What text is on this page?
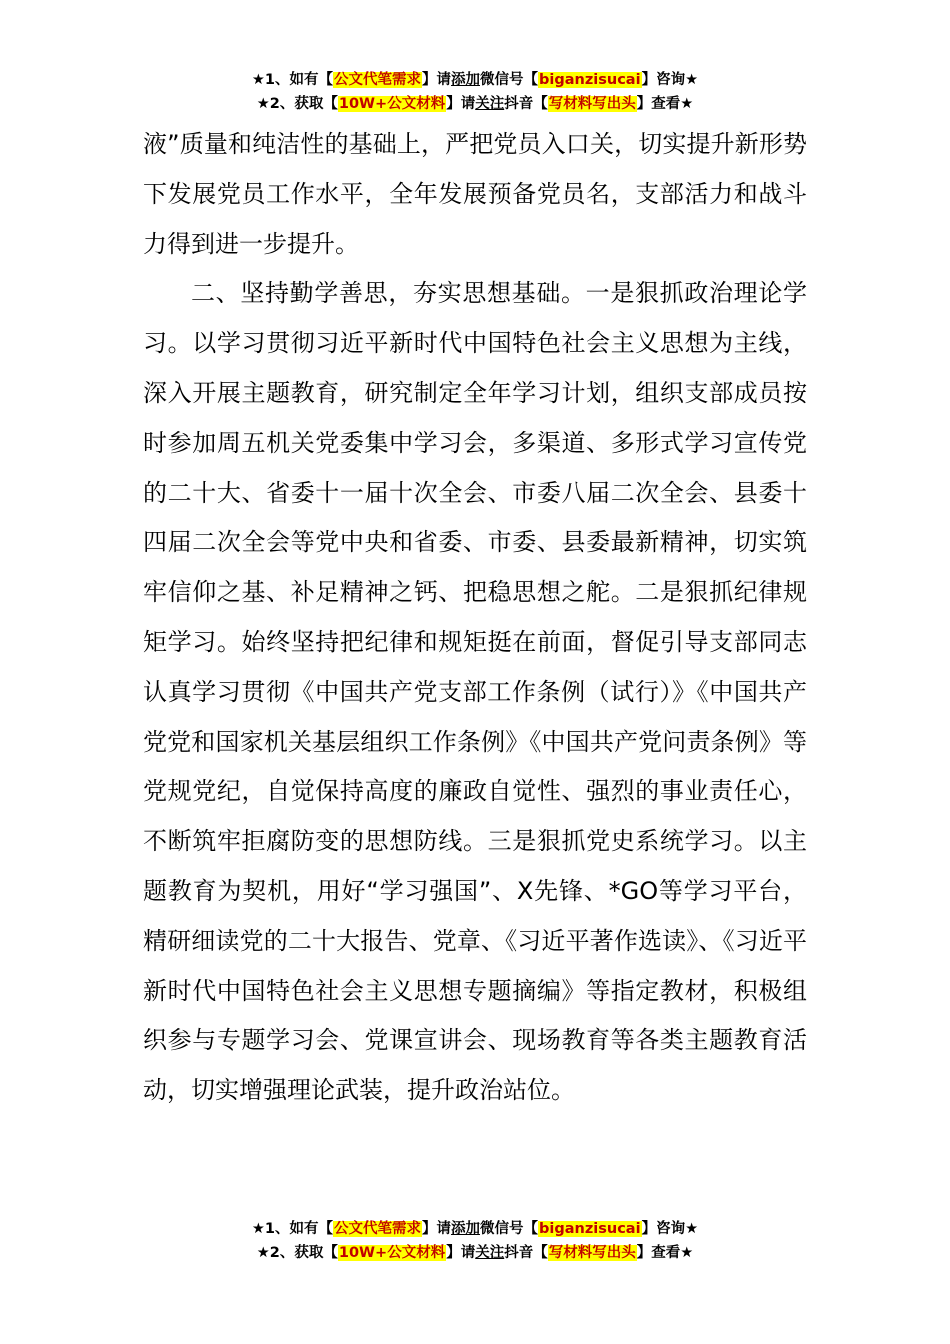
★1、如有【公文代笔需求】请添加微信号【biganzisucai】咨询★
★2、获取【10W+公文材料】请关注抖音【写材料写出头】查看★

液”质量和纯洁性的基础上，严把党员入口关，切实提升新形势下发展党员工作水平，全年发展预备党员名，支部活力和战斗力得到进一步提升。

二、坚持勤学善思，夯实思想基础。一是狠抓政治理论学习。以学习贯彻习近平新时代中国特色社会主义思想为主线，深入开展主题教育，研究制定全年学习计划，组织支部成员按时参加周五机关党委集中学习会，多渠道、多形式学习宣传党的二十大、省委十一届十次全会、市委八届二次全会、县委十四届二次全会等党中央和省委、市委、县委最新精神，切实筑牢信仰之基、补足精神之钙、把稳思想之舵。二是狠抓纪律规矩学习。始终坚持把纪律和规矩挺在前面，督促引导支部同志认真学习贯彻《中国共产党支部工作条例（试行）》《中国共产党党和国家机关基层组织工作条例》《中国共产党问责条例》等党规党纪，自觉保持高度的廉政自觉性、强烈的事业责任心，不断筑牢拒腐防变的思想防线。三是狠抓党史系统学习。以主题教育为契机，用好“学习强国”、X先锋、*GO等学习平台，精研细读党的二十大报告、党章、《习近平著作选读》、《习近平新时代中国特色社会主义思想专题摘编》等指定教材，积极组织参与专题学习会、党课宣讲会、现场教育等各类主题教育活动，切实增强理论武装，提升政治站位。

★1、如有【公文代笔需求】请添加微信号【biganzisucai】咨询★
★2、获取【10W+公文材料】请关注抖音【写材料写出头】查看★
